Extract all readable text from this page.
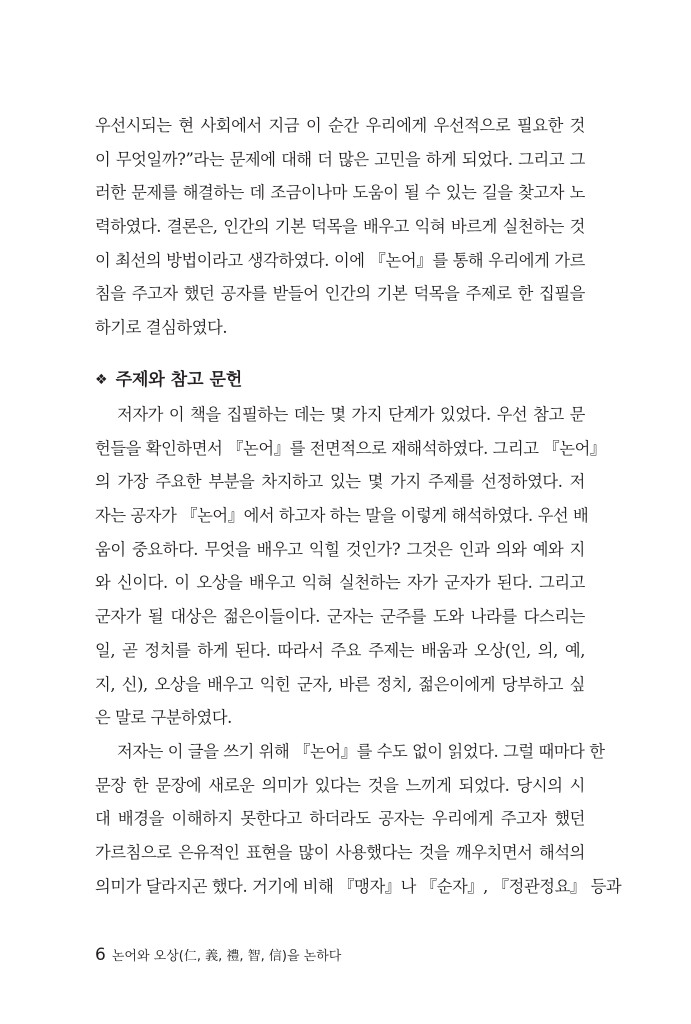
우선시되는 현 사회에서 지금 이 순간 우리에게 우선적으로 필요한 것
이 무엇일까?”라는 문제에 대해 더 많은 고민을 하게 되었다. 그리고 그
러한 문제를 해결하는 데 조금이나마 도움이 될 수 있는 길을 찾고자 노
력하였다. 결론은, 인간의 기본 덕목을 배우고 익혀 바르게 실천하는 것
이 최선의 방법이라고 생각하였다. 이에 『논어』를 통해 우리에게 가르
침을 주고자 했던 공자를 받들어 인간의 기본 덕목을 주제로 한 집필을
하기로 결심하였다.
❖ 주제와 참고 문헌
저자가 이 책을 집필하는 데는 몇 가지 단계가 있었다. 우선 참고 문
헌들을 확인하면서 『논어』를 전면적으로 재해석하였다. 그리고 『논어』
의 가장 주요한 부분을 차지하고 있는 몇 가지 주제를 선정하였다. 저
자는 공자가 『논어』에서 하고자 하는 말을 이렇게 해석하였다. 우선 배
움이 중요하다. 무엇을 배우고 익힐 것인가? 그것은 인과 의와 예와 지
와 신이다. 이 오상을 배우고 익혀 실천하는 자가 군자가 된다. 그리고
군자가 될 대상은 젊은이들이다. 군자는 군주를 도와 나라를 다스리는
일, 곧 정치를 하게 된다. 따라서 주요 주제는 배움과 오상(인, 의, 예,
지, 신), 오상을 배우고 익힌 군자, 바른 정치, 젊은이에게 당부하고 싶
은 말로 구분하였다.
저자는 이 글을 쓰기 위해 『논어』를 수도 없이 읽었다. 그럴 때마다 한
문장 한 문장에 새로운 의미가 있다는 것을 느끼게 되었다. 당시의 시
대 배경을 이해하지 못한다고 하더라도 공자는 우리에게 주고자 했던
가르침으로 은유적인 표현을 많이 사용했다는 것을 깨우치면서 해석의
의미가 달라지곤 했다. 거기에 비해 『맹자』나 『순자』, 『정관정요』 등과
6 논어와 오상(仁, 義, 禮, 智, 信)을 논하다
